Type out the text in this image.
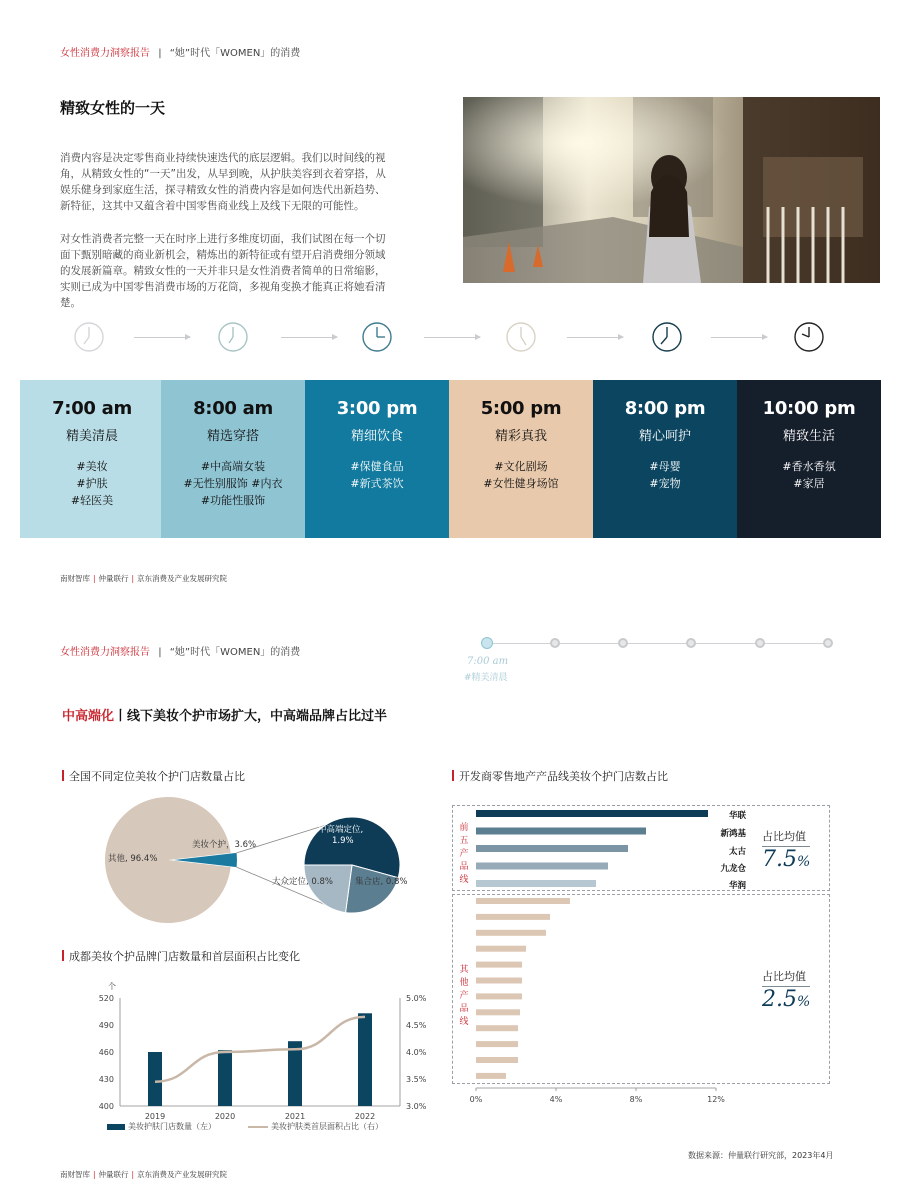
女性消费力洞察报告 | “她”时代「WOMEN」的消费
精致女性的一天
消费内容是决定零售商业持续快速迭代的底层逻辑。我们以时间线的视角，从精致女性的“一天”出发，从早到晚，从护肤美容到衣着穿搭，从娱乐健身到家庭生活，探寻精致女性的消费内容是如何迭代出新趋势、新特征，这其中又蕴含着中国零售商业线上及线下无限的可能性。
对女性消费者完整一天在时序上进行多维度切面，我们试图在每一个切面下甄别暗藏的商业新机会，精炼出的新特征或有望开启消费细分领域的发展新篇章。精致女性的一天并非只是女性消费者简单的日常缩影，实则已成为中国零售消费市场的万花筒，多视角变换才能真正将她看清楚。
7:00 am
精美清晨
#美妆
#护肤
#轻医美
8:00 am
精选穿搭
#中高端女装
#无性别服饰 #内衣
#功能性服饰
3:00 pm
精细饮食
#保健食品
#新式茶饮
5:00 pm
精彩真我
#文化剧场
#女性健身场馆
8:00 pm
精心呵护
#母婴
#宠物
10:00 pm
精致生活
#香水香氛
#家居
南财智库 | 仲量联行 | 京东消费及产业发展研究院
女性消费力洞察报告 | “她”时代「WOMEN」的消费
7:00 am
#精美清晨
中高端化丨线下美妆个护市场扩大，中高端品牌占比过半
全国不同定位美妆个护门店数量占比
其他, 96.4%
美妆个护，3.6%
中高端定位,
1.9%
大众定位, 0.8%	集合店, 0.8%
成都美妆个护品牌门店数量和首层面积占比变化
个
520
490
460
430
400
5.0%
4.5%
4.0%
3.5%
3.0%
2019	2020	2021	2022
美妆护肤门店数量（左）	美妆护肤类首层面积占比（右）
开发商零售地产产品线美妆个护门店数占比
前五产品线
其他产品线
0%	4%	8%	12%
华联
新鸿基
太古
九龙仓
华润
占比均值
7.5%
占比均值
2.5%
数据来源：仲量联行研究部，2023年4月
南财智库 | 仲量联行 | 京东消费及产业发展研究院
